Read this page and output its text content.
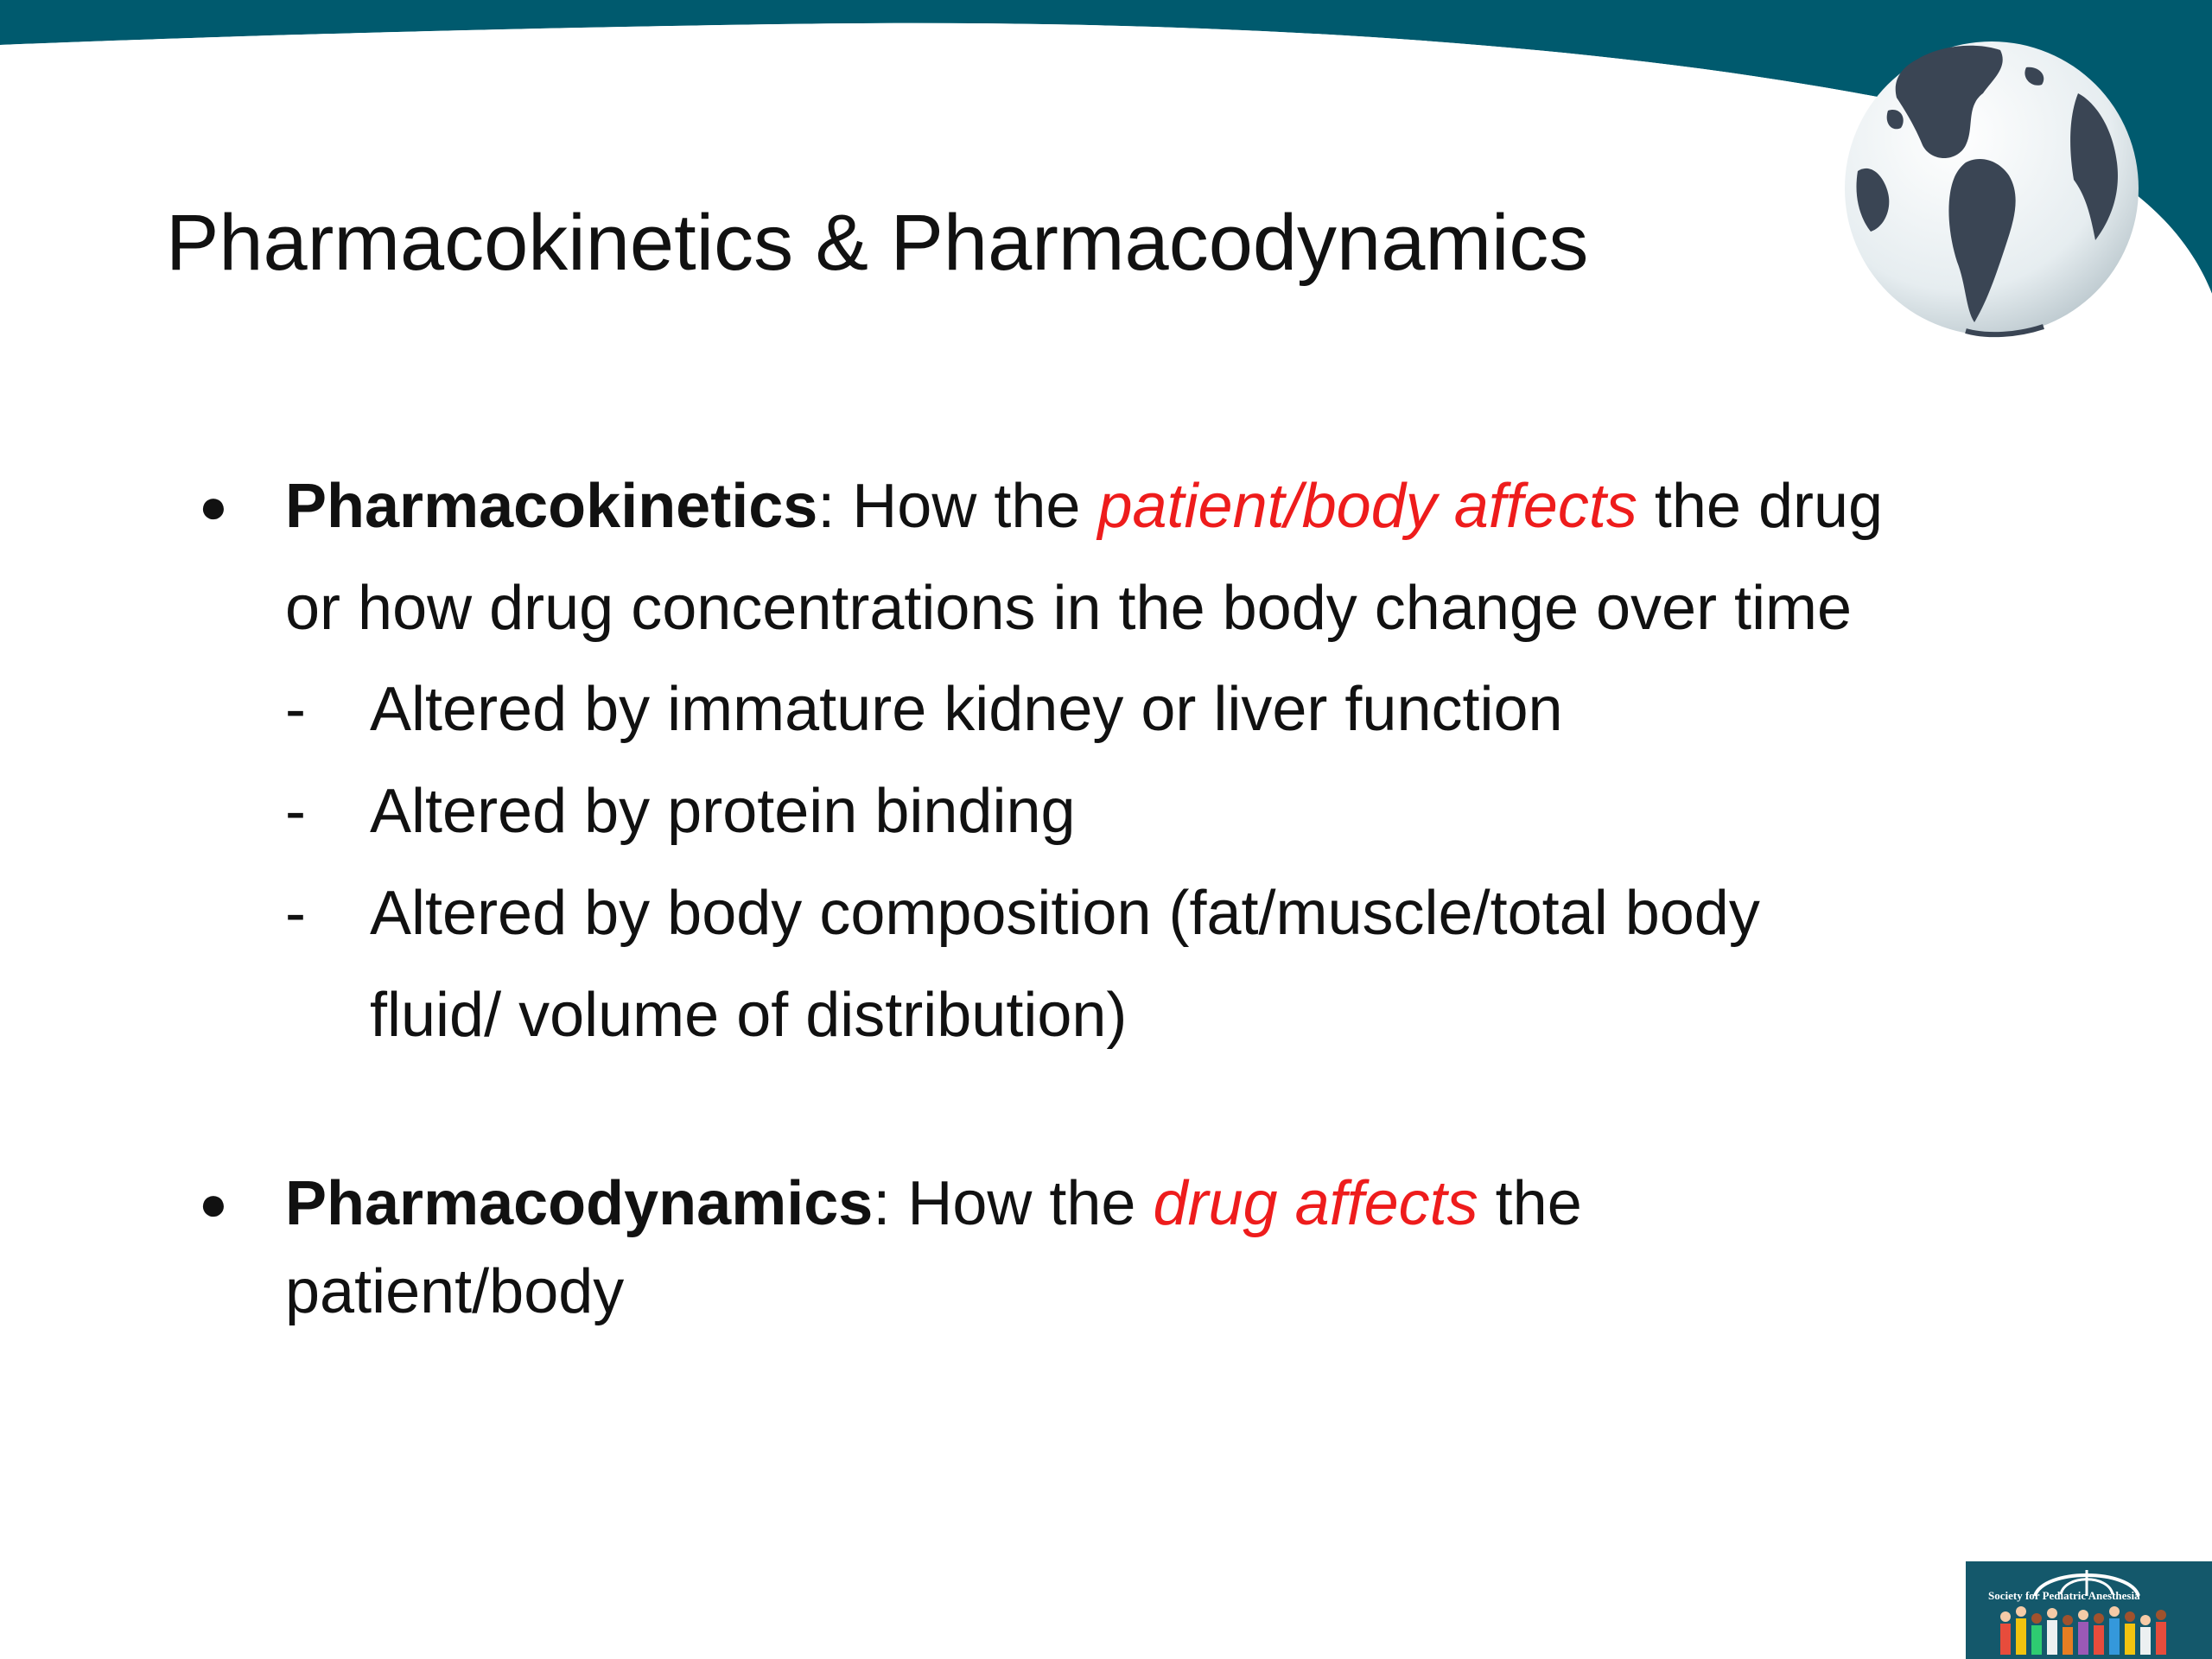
Pharmacokinetics & Pharmacodynamics
● Pharmacokinetics: How the patient/body affects the drug
or how drug concentrations in the body change over time
-	Altered by immature kidney or liver function
-	Altered by protein binding
-	Altered by body composition (fat/muscle/total body
fluid/ volume of distribution)
● Pharmacodynamics: How the drug affects the
patient/body
Society for Pediatric Anesthesia
